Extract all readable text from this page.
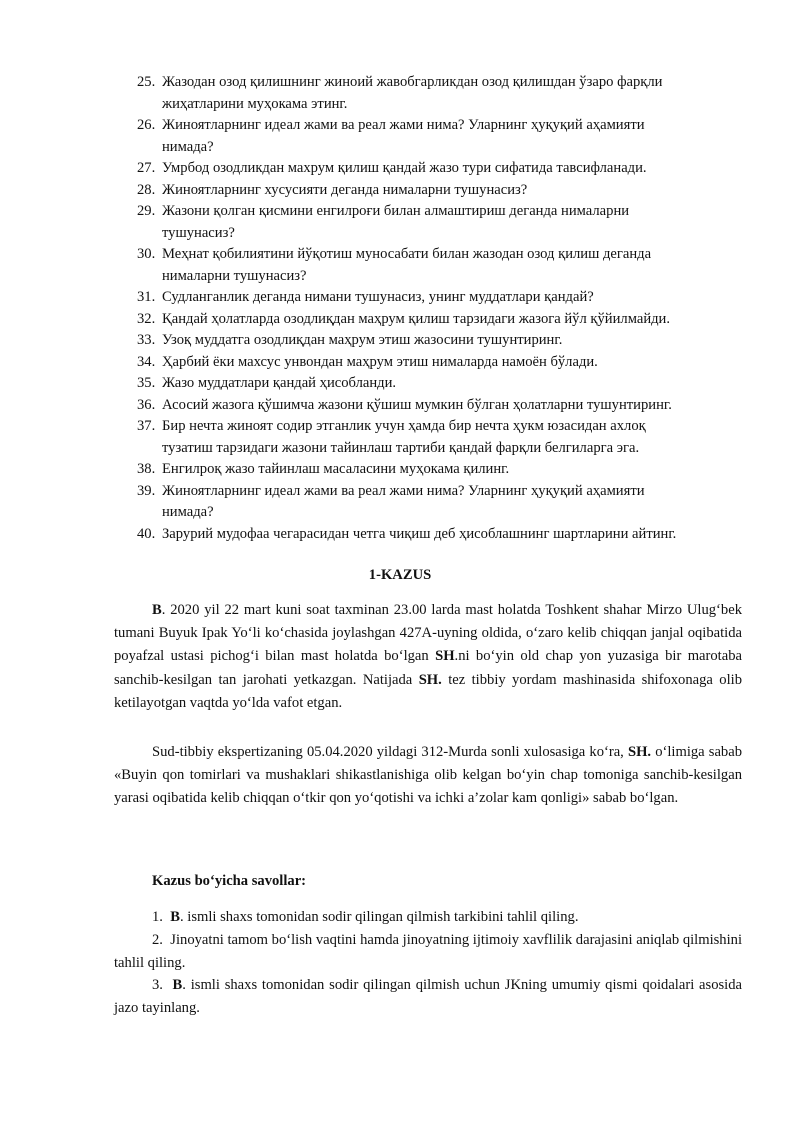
25. Жазодан озод қилишнинг жиноий жавобгарликдан озод қилишдан ўзаро фарқли
жиҳатларини муҳокама этинг.
26. Жиноятларнинг идеал жами ва реал жами нима? Уларнинг ҳуқуқий аҳамияти
нимада?
27. Умрбод озодликдан махрум қилиш қандай жазо тури сифатида тавсифланади.
28. Жиноятларнинг хусусияти деганда нималарни тушунасиз?
29. Жазони қолган қисмини енгилроғи билан алмаштириш деганда нималарни
тушунасиз?
30. Меҳнат қобилиятини йўқотиш муносабати билан жазодан озод қилиш деганда
нималарни тушунасиз?
31. Судланганлик деганда нимани тушунасиз, унинг муддатлари қандай?
32. Қандай ҳолатларда озодлиқдан маҳрум қилиш тарзидаги жазога йўл қўйилмайди.
33. Узоқ муддатга озодлиқдан маҳрум этиш жазосини тушунтиринг.
34. Ҳарбий ёки махсус унвондан маҳрум этиш нималарда намоён бўлади.
35. Жазо муддатлари қандай ҳисобланди.
36. Асосий жазога қўшимча жазони қўшиш мумкин бўлган ҳолатларни тушунтиринг.
37. Бир нечта жиноят содир этганлик учун ҳамда бир нечта ҳукм юзасидан ахлоқ
тузатиш тарзидаги жазони тайинлаш тартиби қандай фарқли белгиларга эга.
38. Енгилроқ жазо тайинлаш масаласини муҳокама қилинг.
39. Жиноятларнинг идеал жами ва реал жами нима? Уларнинг ҳуқуқий аҳамияти
нимада?
40. Зарурий мудофаа чегарасидан четга чиқиш деб ҳисоблашнинг шартларини айтинг.
1-KAZUS

B. 2020 yil 22 mart kuni soat taxminan 23.00 larda mast holatda Toshkent shahar Mirzo Ulug‘bek tumani Buyuk Ipak Yo‘li ko‘chasida joylashgan 427A-uyning oldida, o‘zaro kelib chiqqan janjal oqibatida poyafzal ustasi pichog‘i bilan mast holatda bo‘lgan SH.ni bo‘yin old chap yon yuzasiga bir marotaba sanchib-kesilgan tan jarohati yetkazgan. Natijada SH. tez tibbiy yordam mashinasida shifoxonaga olib ketilayotgan vaqtda yo‘lda vafot etgan.

Sud-tibbiy ekspertizaning 05.04.2020 yildagi 312-Murda sonli xulosasiga ko‘ra, SH. o‘limiga sabab «Buyin qon tomirlari va mushaklari shikastlanishiga olib kelgan bo‘yin chap tomoniga sanchib-kesilgan yarasi oqibatida kelib chiqqan o‘tkir qon yo‘qotishi va ichki a’zolar kam qonligi» sabab bo‘lgan.

Kazus bo‘yicha savollar:

1. B. ismli shaxs tomonidan sodir qilingan qilmish tarkibini tahlil qiling.

2. Jinoyatni tamom bo‘lish vaqtini hamda jinoyatning ijtimoiy xavflilik darajasini aniqlab qilmishini tahlil qiling.

3. B. ismli shaxs tomonidan sodir qilingan qilmish uchun JKning umumiy qismi qoidalari asosida jazo tayinlang.
